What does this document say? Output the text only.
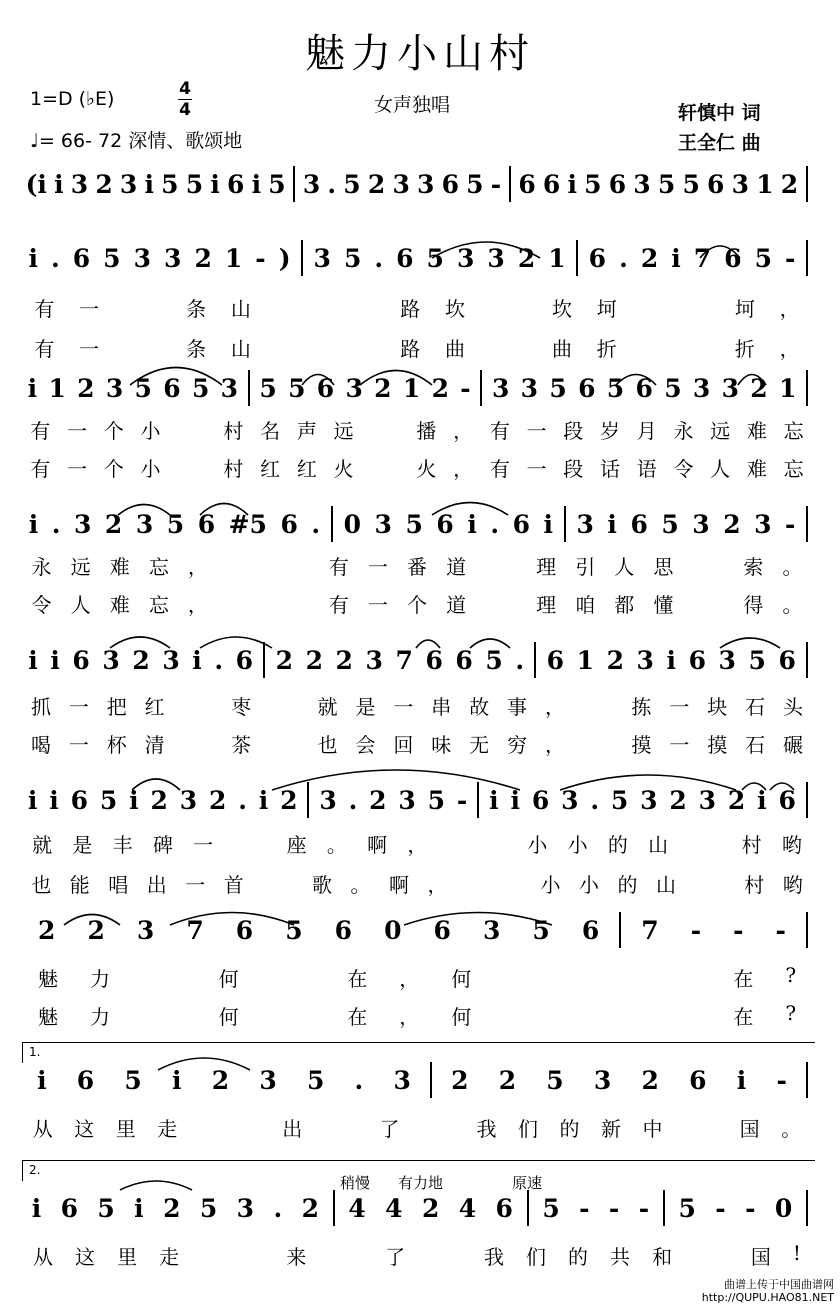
魅力小山村
1=D (♭E)	4
4	女声独唱
♩= 66- 72 深情、歌颂地
轩慎中 词
王全仁 曲
(i i 3 2 3 i 5 5 i 6 i 5 3 . 5 2 3 3 6 5 - 6 6 i 5 6 3 5 5 6 3 1 2
i . 6 5 3 3 2 1 - ) 3 5 . 6 5 3 3 2 1 6 . 2 i 7 6 5 -
有	一

	条	山

	路	坎

	坎	坷

	坷	，
有	一

	条	山

	路	曲

	曲	折

	折	，
i 1 2 3 5 6 5 3 5 5 6 3 2 1 2 - 3 3 5 6 5 6 5 3 3 2 1
有 一 个 小

	村 名 声 远

	播 ， 有 一 段 岁 月 永 远 难 忘
有 一 个 小

	村 红 红 火

	火 ， 有 一 段 话 语 令 人 难 忘
i . 3 2 3 5 6 #5 6 . 0 3 5 6 i . 6 i 3 i 6 5 3 2 3 -
永 远 难 忘 ，

	有 一 番 道

	理 引 人 思

	索 。
令 人 难 忘 ，

	有 一 个 道

	理 咱 都 懂

	得 。
i i 6 3 2 3 i . 6 2 2 2 3 7 6 6 5 . 6 1 2 3 i 6 3 5 6
抓 一 把 红

	枣

	就 是 一 串 故 事 ，

	拣 一 块 石 头
喝 一 杯 清

	茶

	也 会 回 味 无 穷 ，

	摸 一 摸 石 碾
i i 6 5 i 2 3 2 . i 2 3 . 2 3 5 - i i 6 3 . 5 3 2 3 2 i 6
就	是	丰	碑	一

	座	。	啊	，

	小	小	的	山

	村	哟
也 能 唱 出 一 首

	歌 。 啊 ，

	小 小 的 山

	村 哟
2	2	3	7	6	5	6	0	6	3	5	6	7	-	-	-
魅	力

	何

	在	，	何

	在	?
魅	力

	何

	在	，	何

	在	?
i	6	5	i	2	3	5	.	3	2	2	5	3	2	6	i	-
从	这	里	走

	出

	了

	我	们	的	新	中

	国	。
i 6 5 i 2 5 3 . 2	4 4 2 4 6	5 - - -	5 - - 0
从	这	里	走

	来

	了

	我	们	的	共	和

	国	!
1.
2.
稍慢 有力地	原速
曲谱上传于中国曲谱网
http://QUPU.HAO81.NET
